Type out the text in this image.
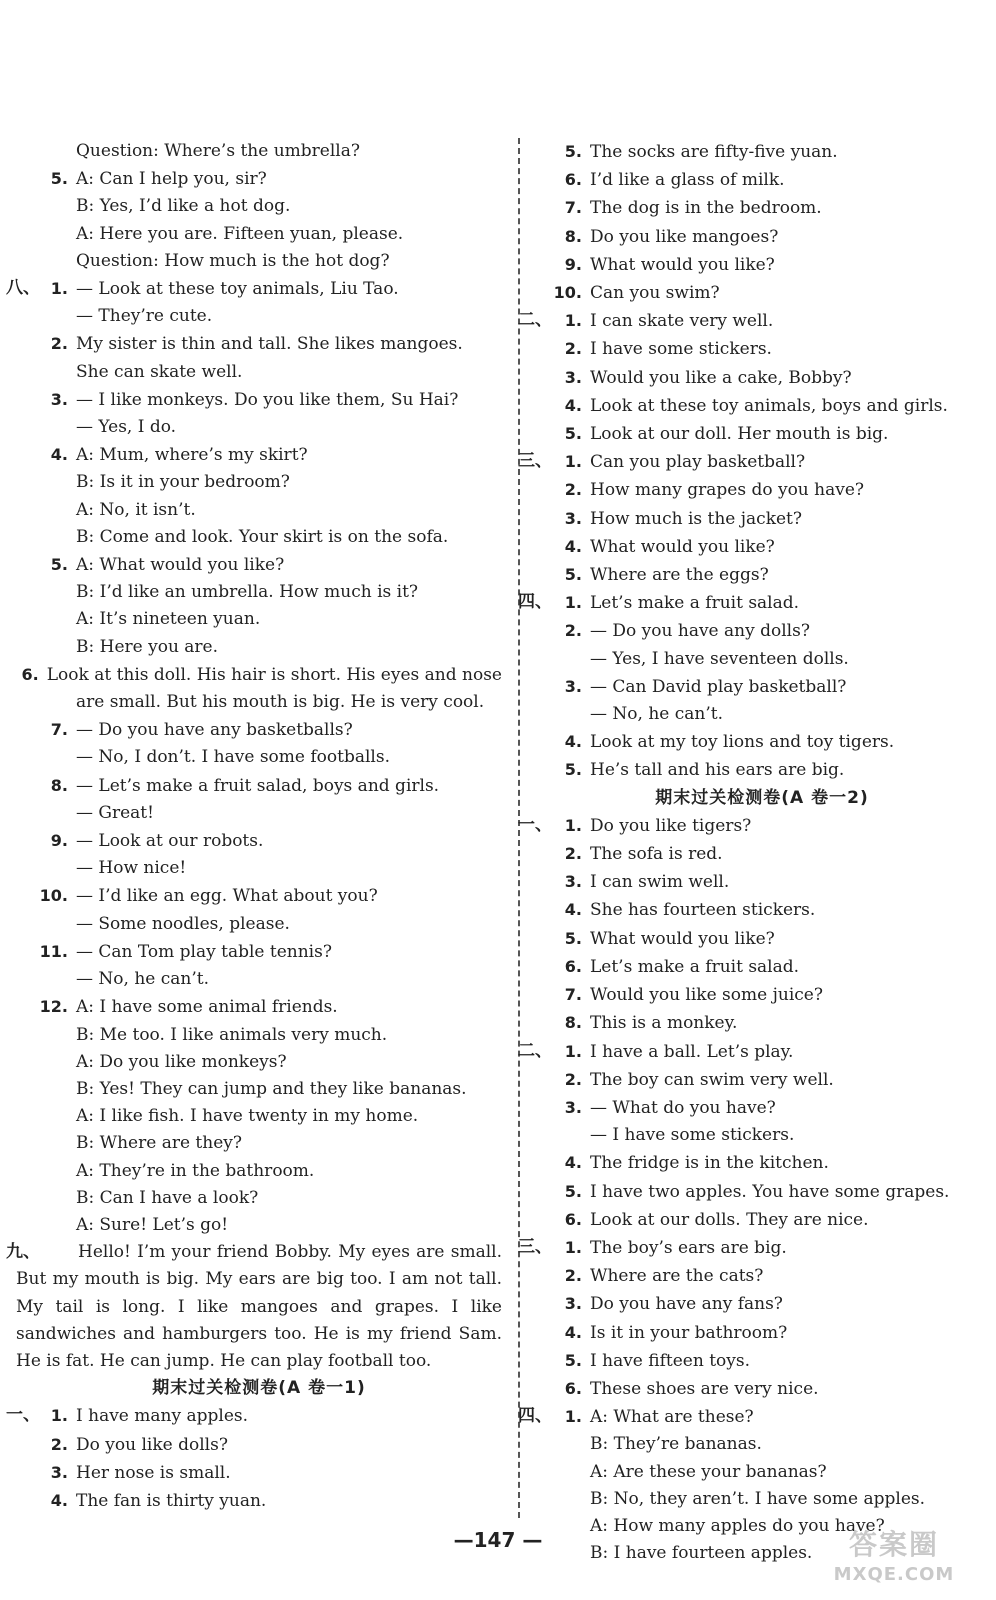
Question: Where’s the umbrella?
5. A: Can I help you, sir?
B: Yes, I’d like a hot dog.
A: Here you are. Fifteen yuan, please.
Question: How much is the hot dog?
八、 1. — Look at these toy animals, Liu Tao.
— They’re cute.
2. My sister is thin and tall. She likes mangoes.
She can skate well.
3. — I like monkeys. Do you like them, Su Hai?
— Yes, I do.
4. A: Mum, where’s my skirt?
B: Is it in your bedroom?
A: No, it isn’t.
B: Come and look. Your skirt is on the sofa.
5. A: What would you like?
B: I’d like an umbrella. How much is it?
A: It’s nineteen yuan.
B: Here you are.
6. Look at this doll. His hair is short. His eyes and nose
are small. But his mouth is big. He is very cool.
7. — Do you have any basketballs?
— No, I don’t. I have some footballs.
8. — Let’s make a fruit salad, boys and girls.
— Great!
9. — Look at our robots.
— How nice!
10. — I’d like an egg. What about you?
— Some noodles, please.
11. — Can Tom play table tennis?
— No, he can’t.
12. A: I have some animal friends.
B: Me too. I like animals very much.
A: Do you like monkeys?
B: Yes! They can jump and they like bananas.
A: I like fish. I have twenty in my home.
B: Where are they?
A: They’re in the bathroom.
B: Can I have a look?
A: Sure! Let’s go!
九、 Hello! I’m your friend Bobby. My eyes are small. But my mouth is big. My ears are big too. I am not tall. My tail is long. I like mangoes and grapes. I like sandwiches and hamburgers too. He is my friend Sam. He is fat. He can jump. He can play football too.
期末过关检测卷(A 卷一1)
一、 1. I have many apples.
2. Do you like dolls?
3. Her nose is small.
4. The fan is thirty yuan.
5. The socks are fifty-five yuan.
6. I’d like a glass of milk.
7. The dog is in the bedroom.
8. Do you like mangoes?
9. What would you like?
10. Can you swim?
二、 1. I can skate very well.
2. I have some stickers.
3. Would you like a cake, Bobby?
4. Look at these toy animals, boys and girls.
5. Look at our doll. Her mouth is big.
三、 1. Can you play basketball?
2. How many grapes do you have?
3. How much is the jacket?
4. What would you like?
5. Where are the eggs?
四、 1. Let’s make a fruit salad.
2. — Do you have any dolls?
— Yes, I have seventeen dolls.
3. — Can David play basketball?
— No, he can’t.
4. Look at my toy lions and toy tigers.
5. He’s tall and his ears are big.
期末过关检测卷(A 卷一2)
一、 1. Do you like tigers?
2. The sofa is red.
3. I can swim well.
4. She has fourteen stickers.
5. What would you like?
6. Let’s make a fruit salad.
7. Would you like some juice?
8. This is a monkey.
二、 1. I have a ball. Let’s play.
2. The boy can swim very well.
3. — What do you have?
— I have some stickers.
4. The fridge is in the kitchen.
5. I have two apples. You have some grapes.
6. Look at our dolls. They are nice.
三、 1. The boy’s ears are big.
2. Where are the cats?
3. Do you have any fans?
4. Is it in your bathroom?
5. I have fifteen toys.
6. These shoes are very nice.
四、 1. A: What are these?
B: They’re bananas.
A: Are these your bananas?
B: No, they aren’t. I have some apples.
A: How many apples do you have?
B: I have fourteen apples.
—147 —	答案圈
MXQE.COM
